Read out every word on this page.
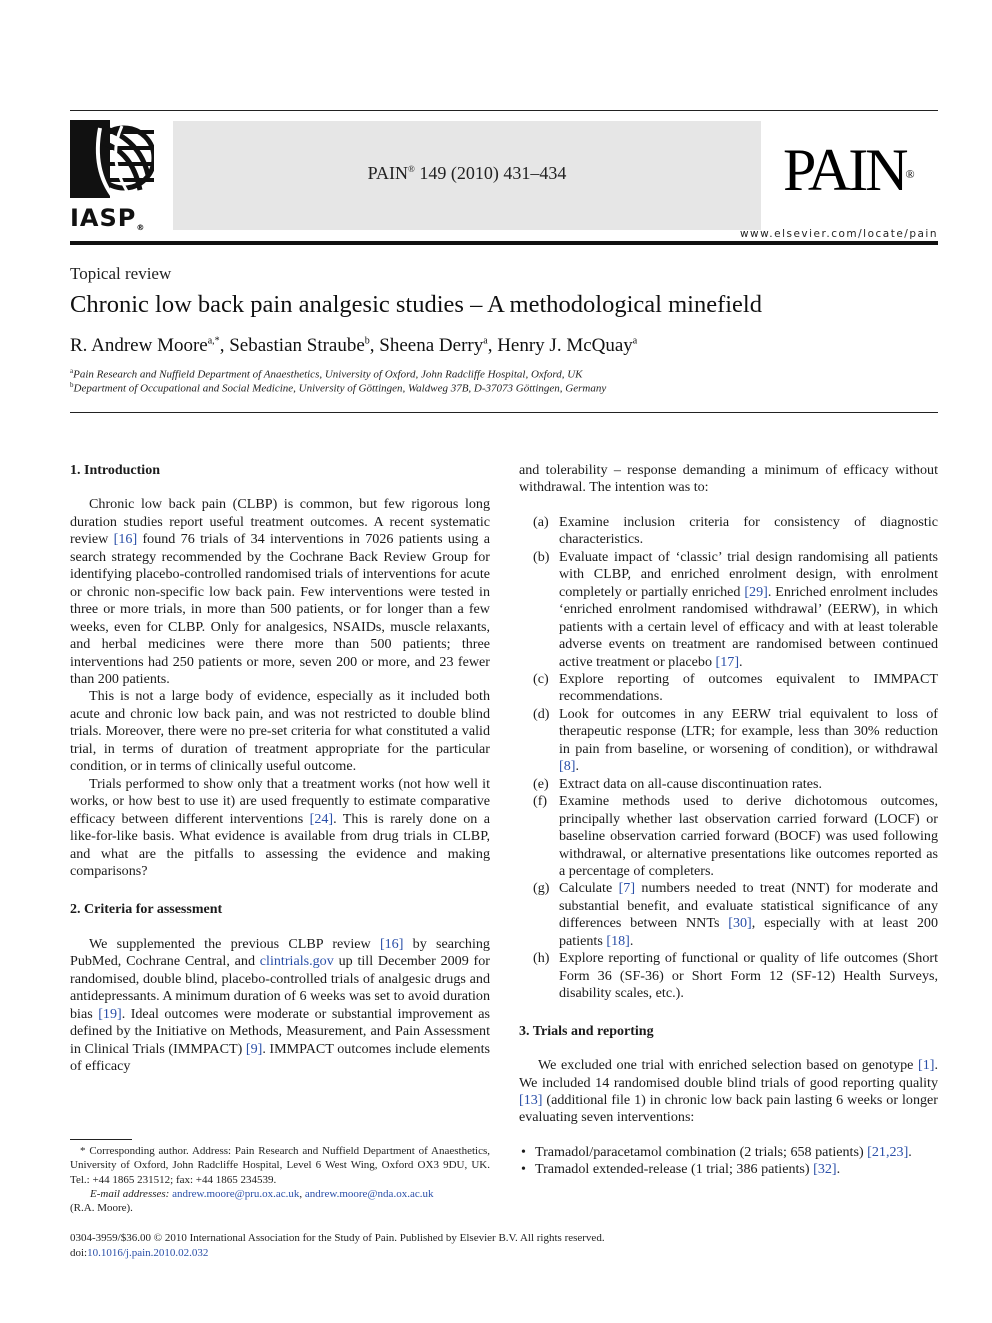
IASP®
PAIN® 149 (2010) 431–434	PAIN®
www.elsevier.com/locate/pain
Topical review
Chronic low back pain analgesic studies – A methodological minefield
R. Andrew Moore$^{a,*}$, Sebastian Straube$^b$, Sheena Derry$^a$, Henry J. McQuay$^a$
$^a$Pain Research and Nuffield Department of Anaesthetics, University of Oxford, John Radcliffe Hospital, Oxford, UK
$^b$Department of Occupational and Social Medicine, University of Göttingen, Waldweg 37B, D-37073 Göttingen, Germany
1. Introduction

Chronic low back pain (CLBP) is common, but few rigorous long duration studies report useful treatment outcomes. A recent systematic review [16] found 76 trials of 34 interventions in 7026 patients using a search strategy recommended by the Cochrane Back Review Group for identifying placebo-controlled randomised trials of interventions for acute or chronic non-specific low back pain. Few interventions were tested in three or more trials, in more than 500 patients, or for longer than a few weeks, even for CLBP. Only for analgesics, NSAIDs, muscle relaxants, and herbal medicines were there more than 500 patients; three interventions had 250 patients or more, seven 200 or more, and 23 fewer than 200 patients.

This is not a large body of evidence, especially as it included both acute and chronic low back pain, and was not restricted to double blind trials. Moreover, there were no pre-set criteria for what constituted a valid trial, in terms of duration of treatment appropriate for the particular condition, or in terms of clinically useful outcome.

Trials performed to show only that a treatment works (not how well it works, or how best to use it) are used frequently to estimate comparative efficacy between different interventions [24]. This is rarely done on a like-for-like basis. What evidence is available from drug trials in CLBP, and what are the pitfalls to assessing the evidence and making comparisons?

2. Criteria for assessment

We supplemented the previous CLBP review [16] by searching PubMed, Cochrane Central, and clintrials.gov up till December 2009 for randomised, double blind, placebo-controlled trials of analgesic drugs and antidepressants. A minimum duration of 6 weeks was set to avoid duration bias [19]. Ideal outcomes were moderate or substantial improvement as defined by the Initiative on Methods, Measurement, and Pain Assessment in Clinical Trials (IMMPACT) [9]. IMMPACT outcomes include elements of efficacy

* Corresponding author. Address: Pain Research and Nuffield Department of Anaesthetics, University of Oxford, John Radcliffe Hospital, Level 6 West Wing, Oxford OX3 9DU, UK. Tel.: +44 1865 231512; fax: +44 1865 234539.
E-mail addresses: andrew.moore@pru.ox.ac.uk, andrew.moore@nda.ox.ac.uk
(R.A. Moore).
0304-3959/$36.00 © 2010 International Association for the Study of Pain. Published by Elsevier B.V. All rights reserved.
doi:10.1016/j.pain.2010.02.032

and tolerability – response demanding a minimum of efficacy without withdrawal. The intention was to:

(a) Examine inclusion criteria for consistency of diagnostic characteristics.
(b) Evaluate impact of ‘classic’ trial design randomising all patients with CLBP, and enriched enrolment design, with enrolment completely or partially enriched [29]. Enriched enrolment includes ‘enriched enrolment randomised withdrawal’ (EERW), in which patients with a certain level of efficacy and with at least tolerable adverse events on treatment are randomised between continued active treatment or placebo [17].
(c) Explore reporting of outcomes equivalent to IMMPACT recommendations.
(d) Look for outcomes in any EERW trial equivalent to loss of therapeutic response (LTR; for example, less than 30% reduction in pain from baseline, or worsening of condition), or withdrawal [8].
(e) Extract data on all-cause discontinuation rates.
(f) Examine methods used to derive dichotomous outcomes, principally whether last observation carried forward (LOCF) or baseline observation carried forward (BOCF) was used following withdrawal, or alternative presentations like outcomes reported as a percentage of completers.
(g) Calculate [7] numbers needed to treat (NNT) for moderate and substantial benefit, and evaluate statistical significance of any differences between NNTs [30], especially with at least 200 patients [18].
(h) Explore reporting of functional or quality of life outcomes (Short Form 36 (SF-36) or Short Form 12 (SF-12) Health Surveys, disability scales, etc.).
3. Trials and reporting

We excluded one trial with enriched selection based on genotype [1]. We included 14 randomised double blind trials of good reporting quality [13] (additional file 1) in chronic low back pain lasting 6 weeks or longer evaluating seven interventions:

• Tramadol/paracetamol combination (2 trials; 658 patients) [21,23].
• Tramadol extended-release (1 trial; 386 patients) [32].
